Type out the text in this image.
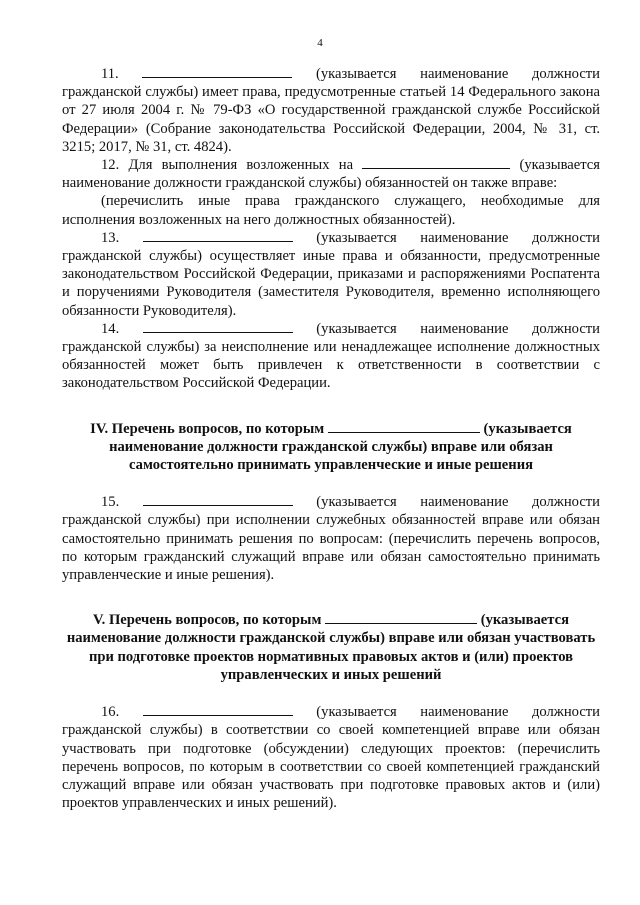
4

11.	(указывается наименование должности гражданской службы) имеет права, предусмотренные статьей 14 Федерального закона от 27 июля 2004 г. № 79-ФЗ «О государственной гражданской службе Российской Федерации» (Собрание законодательства Российской Федерации, 2004, № 31, ст. 3215; 2017, № 31, ст. 4824).

12. Для выполнения возложенных на	(указывается наименование должности гражданской службы) обязанностей он также вправе:

(перечислить иные права гражданского служащего, необходимые для исполнения возложенных на него должностных обязанностей).

13.	(указывается наименование должности гражданской службы) осуществляет иные права и обязанности, предусмотренные законодательством Российской Федерации, приказами и распоряжениями Роспатента и поручениями Руководителя (заместителя Руководителя, временно исполняющего обязанности Руководителя).

14.	(указывается наименование должности гражданской службы) за неисполнение или ненадлежащее исполнение должностных обязанностей может быть привлечен к ответственности в соответствии с законодательством Российской Федерации.

IV. Перечень вопросов, по которым	(указывается наименование должности гражданской службы) вправе или обязан самостоятельно принимать управленческие и иные решения

15.	(указывается наименование должности гражданской службы) при исполнении служебных обязанностей вправе или обязан самостоятельно принимать решения по вопросам: (перечислить перечень вопросов, по которым гражданский служащий вправе или обязан самостоятельно принимать управленческие и иные решения).

V. Перечень вопросов, по которым	(указывается наименование должности гражданской службы) вправе или обязан участвовать при подготовке проектов нормативных правовых актов и (или) проектов управленческих и иных решений

16.	(указывается наименование должности гражданской службы) в соответствии со своей компетенцией вправе или обязан участвовать при подготовке (обсуждении) следующих проектов: (перечислить перечень вопросов, по которым в соответствии со своей компетенцией гражданский служащий вправе или обязан участвовать при подготовке правовых актов и (или) проектов управленческих и иных решений).
